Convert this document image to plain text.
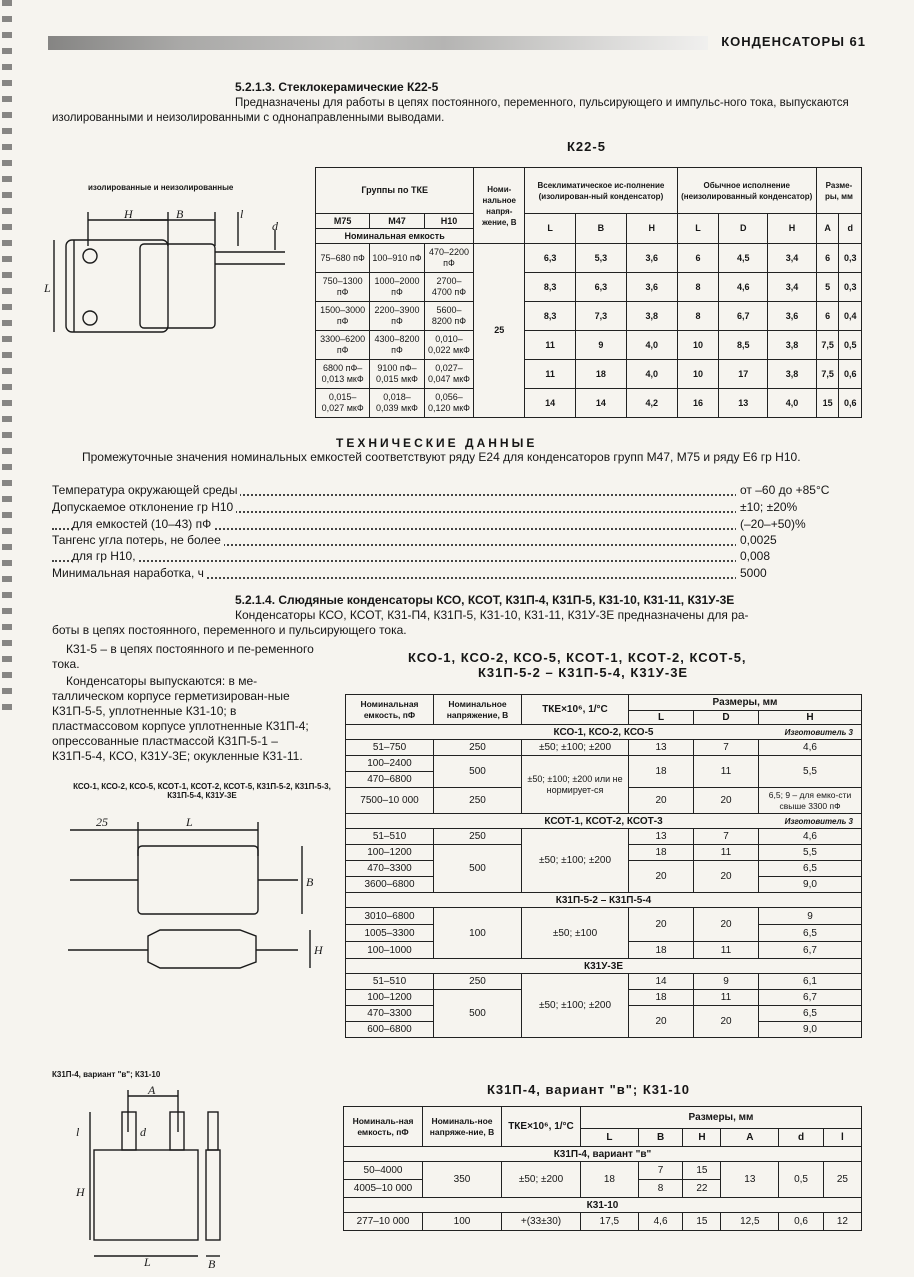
КОНДЕНСАТОРЫ 61
5.2.1.3. Стеклокерамические К22-5
Предназначены для работы в цепях постоянного, переменного, пульсирующего и импульс-ного тока, выпускаются изолированными и неизолированными с однонаправленными выводами.
К22-5
изолированные и неизолированные
H
L
B	l
d
Группы по ТКЕ			Номи-нальное напря-жение, В	Всеклиматическое ис-полнение (изолирован-ный конденсатор)			Обычное исполнение (неизолированный конденсатор)			Разме-ры, мм	
М75	М47	Н10		L	B	H	L	D	H	A	d
Номинальная емкость											
75–680 пФ	100–910 пФ	470–2200 пФ	25	6,3	5,3	3,6	6	4,5	3,4	6	0,3
750–1300 пФ	1000–2000 пФ	2700–4700 пФ		8,3	6,3	3,6	8	4,6	3,4	5	0,3
1500–3000 пФ	2200–3900 пФ	5600–8200 пФ		8,3	7,3	3,8	8	6,7	3,6	6	0,4
3300–6200 пФ	4300–8200 пФ	0,010–0,022 мкФ		11	9	4,0	10	8,5	3,8	7,5	0,5
6800 пФ–0,013 мкФ	9100 пФ–0,015 мкФ	0,027–0,047 мкФ		11	18	4,0	10	17	3,8	7,5	0,6
0,015–0,027 мкФ	0,018–0,039 мкФ	0,056–0,120 мкФ		14	14	4,2	16	13	4,0	15	0,6
ТЕХНИЧЕСКИЕ ДАННЫЕ
Промежуточные значения номинальных емкостей соответствуют ряду Е24 для конденсаторов групп М47, М75 и ряду Е6 гр Н10.
Температура окружающей среды	от –60 до +85°С
Допускаемое отклонение гр Н10	±10; ±20%
для емкостей (10–43) пФ	(–20–+50)%
Тангенс угла потерь, не более	0,0025
для гр Н10,	0,008
Минимальная наработка, ч	5000
5.2.1.4. Слюдяные конденсаторы КСО, КСОТ, К31П-4, К31П-5, К31-10, К31-11, К31У-3Е
Конденсаторы КСО, КСОТ, К31-П4, К31П-5, К31-10, К31-11, К31У-3Е предназначены для ра-
боты в цепях постоянного, переменного и пульсирующего тока.
К31-5 – в цепях постоянного и пе-ременного тока.
Конденсаторы выпускаются: в ме-таллическом корпусе герметизирован-ные К31П-5-5, уплотненные К31-10; в пластмассовом корпусе уплотненные К31П-4; опрессованные пластмассой К31П-5-1 – К31П-5-4, КСО, К31У-3Е; окукленные К31-11.
КСО-1, КСО-2, КСО-5, КСОТ-1, КСОТ-2, КСОТ-5, К31П-5-2, К31П-5-3, К31П-5-4, К31У-3Е
25	L
B
H
К31П-4, вариант "в"; К31-10
A
d
l
H
L	B
КСО-1, КСО-2, КСО-5, КСОТ-1, КСОТ-2, КСОТ-5,
К31П-5-2 – К31П-5-4, К31У-3Е
Номинальная емкость, пФ	Номинальное напряжение, В	ТКЕ×10⁶, 1/°С	Размеры, мм		
			L	D	H
КСО-1, КСО-2, КСО-5 Изготовитель 3					

51–750	250	±50; ±100; ±200	13	7	4,6
100–2400	500	±50; ±100; ±200 или не нормирует-ся	18	11	5,5
470–6800					
7500–10 000	250		20	20	6,5; 9 – для емко-сти свыше 3300 пФ
КСОТ-1, КСОТ-2, КСОТ-3 Изготовитель 3					

51–510	250	±50; ±100; ±200	13	7	4,6
100–1200	500		18	11	5,5
470–3300			20	20	6,5
3600–6800					9,0
К31П-5-2 – К31П-5-4					
3010–6800	100	±50; ±100	20	20	9
1005–3300					6,5
100–1000			18	11	6,7
К31У-3Е					
51–510	250	±50; ±100; ±200	14	9	6,1
100–1200	500		18	11	6,7
470–3300			20	20	6,5
600–6800					9,0
К31П-4, вариант "в"; К31-10
Номиналь-ная емкость, пФ	Номиналь-ное напряже-ние, В	ТКЕ×10⁶, 1/°С	Размеры, мм					
			L	B	H	A	d	l
К31П-4, вариант "в"								
50–4000	350	±50; ±200	18	7	15	13	0,5	25
4005–10 000				8	22			
К31-10								
277–10 000	100	+(33±30)	17,5	4,6	15	12,5	0,6	12
